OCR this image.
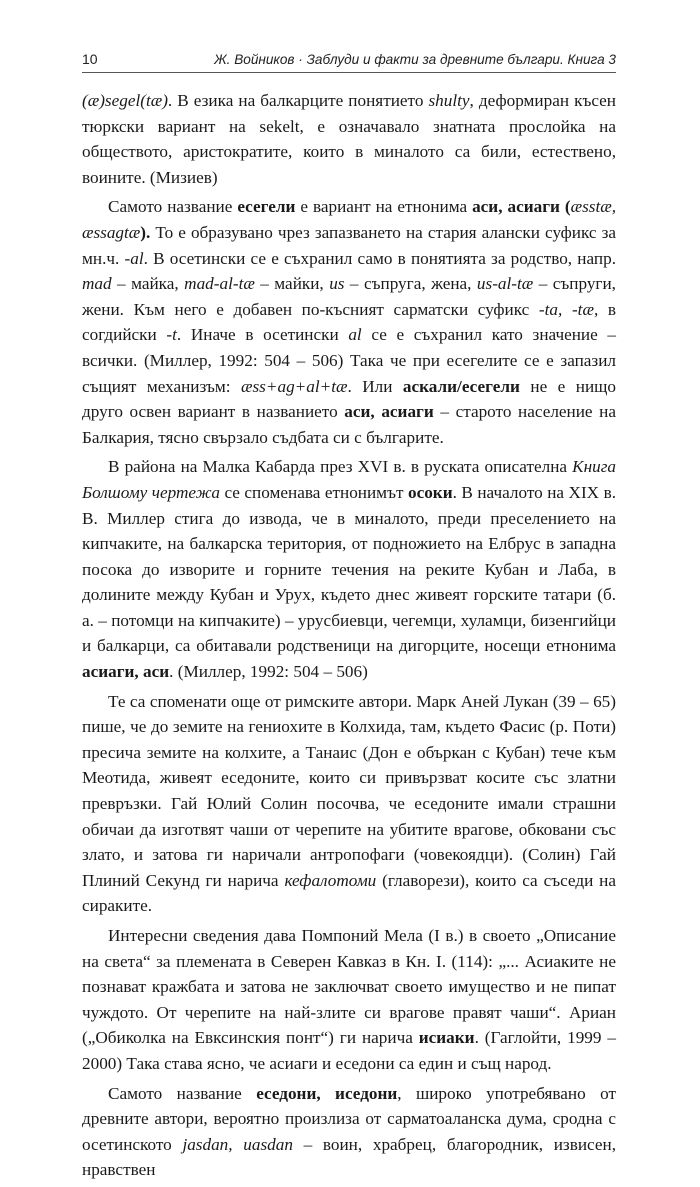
10	Ж. Войников · Заблуди и факти за древните българи. Книга 3

(æ)segel(tæ). В езика на балкарците понятието shulty, деформиран късен тюркски вариант на sekelt, е означавало знатната прослойка на обществото, аристократите, които в миналото са били, естествено, воините. (Мизиев)

Самото название есегели е вариант на етнонима аси, асиаги (æsstæ, æssagtæ). То е образувано чрез запазването на стария алански суфикс за мн.ч. -al. В осетински се е съхранил само в понятията за родство, напр. mad – майка, mad-al-tæ – майки, us – съпруга, жена, us-al-tæ – съпруги, жени. Към него е добавен по-късният сарматски суфикс -ta, -tæ, в согдийски -t. Иначе в осетински al се е съхранил като значение – всички. (Миллер, 1992: 504 – 506) Така че при есегелите се е запазил същият механизъм: æss+ag+al+tæ. Или аскали/есегели не е нищо друго освен вариант в названието аси, асиаги – старото население на Балкария, тясно свързало съдбата си с българите.

В района на Малка Кабарда през XVI в. в руската описателна Книга Болшому чертежа се споменава етнонимът осоки. В началото на XIX в. В. Миллер стига до извода, че в миналото, преди преселението на кипчаките, на балкарска територия, от подножието на Елбрус в западна посока до изворите и горните течения на реките Кубан и Лаба, в долините между Кубан и Урух, където днес живеят горските татари (б. а. – потомци на кипчаките) – урусбиевци, чегемци, хуламци, бизенгийци и балкарци, са обитавали родственици на дигорците, носещи етнонима асиаги, аси. (Миллер, 1992: 504 – 506)

Те са споменати още от римските автори. Марк Аней Лукан (39 – 65) пише, че до земите на гениохите в Колхида, там, където Фасис (р. Поти) пресича земите на колхите, а Танаис (Дон е объркан с Кубан) тече към Меотида, живеят еседоните, които си привързват косите със златни превръзки. Гай Юлий Солин посочва, че еседоните имали страшни обичаи да изготвят чаши от черепите на убитите врагове, обковани със злато, и затова ги наричали антропофаги (човекоядци). (Солин) Гай Плиний Секунд ги нарича кефалотоми (главорези), които са съседи на сираките.

Интересни сведения дава Помпоний Мела (I в.) в своето „Описание на света“ за племената в Северен Кавказ в Кн. I. (114): „... Асиаките не познават кражбата и затова не заключват своето имущество и не пипат чуждото. От черепите на най-злите си врагове правят чаши“. Ариан („Обиколка на Евксинския понт“) ги нарича исиаки. (Гаглойти, 1999 – 2000) Така става ясно, че асиаги и еседони са един и същ народ.

Самото название еседони, иседони, широко употребявано от древните автори, вероятно произлиза от сарматоаланска дума, сродна с осетинското jasdan, uasdan – воин, храбрец, благородник, извисен, нравствен
